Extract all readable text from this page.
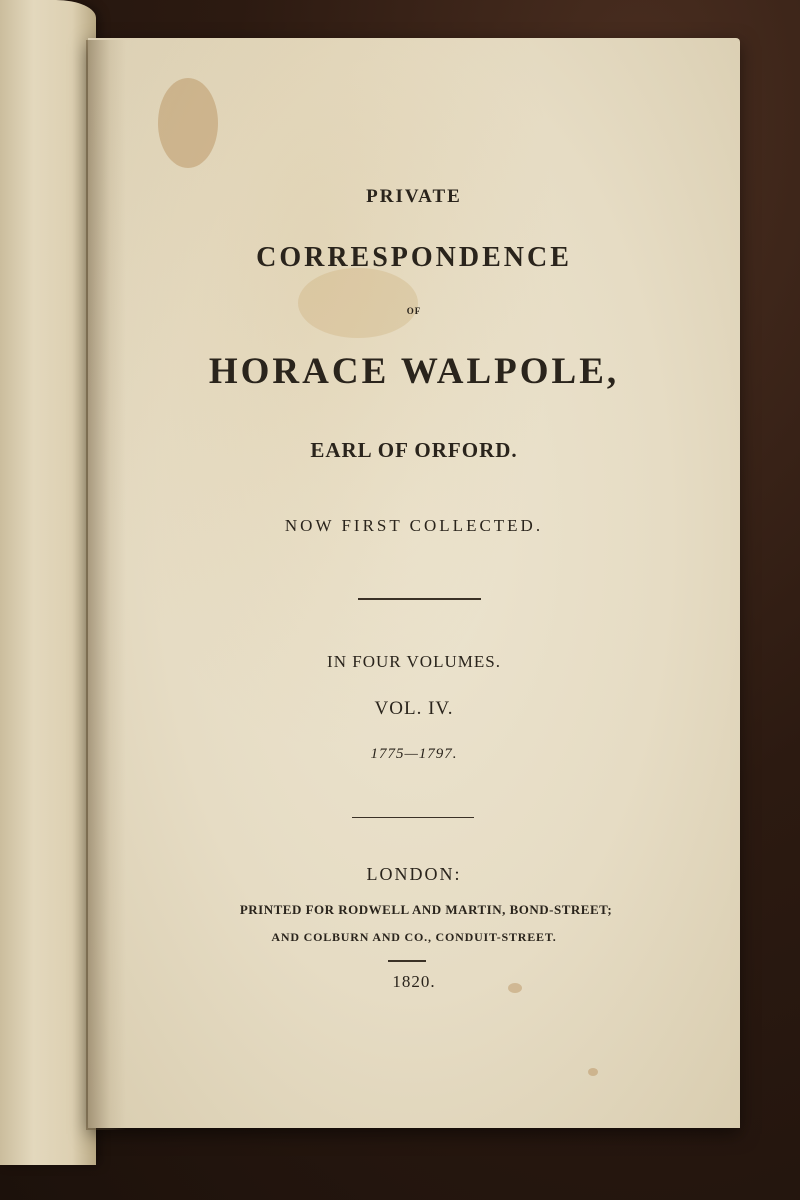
PRIVATE
CORRESPONDENCE
OF
HORACE WALPOLE,
EARL OF ORFORD.
NOW FIRST COLLECTED.
IN FOUR VOLUMES.
VOL. IV.
1775—1797.
LONDON:
PRINTED FOR RODWELL AND MARTIN, BOND-STREET;
AND COLBURN AND CO., CONDUIT-STREET.
1820.
